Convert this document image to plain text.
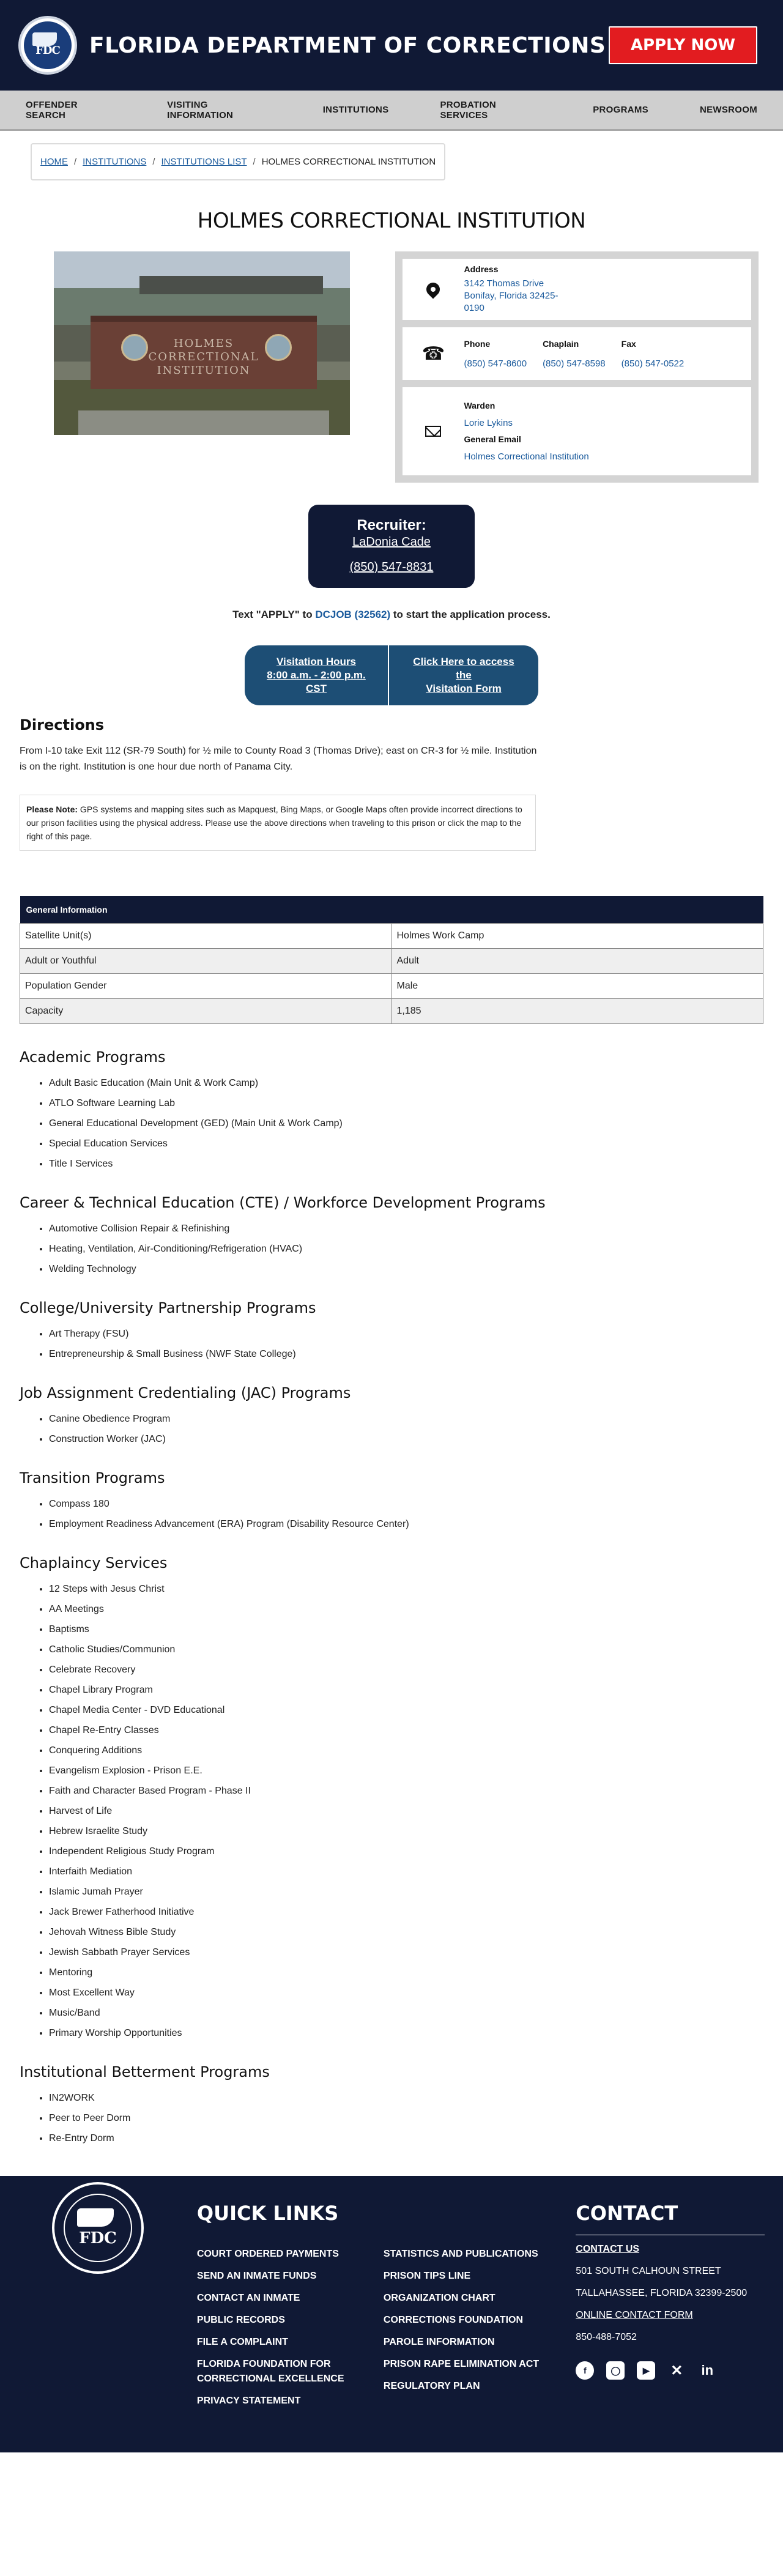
FDC FLORIDA DEPARTMENT OF CORRECTIONS	APPLY NOW
OFFENDER SEARCH
VISITING INFORMATION	INSTITUTIONS	PROBATION SERVICES	PROGRAMS	NEWSROOM
HOME / INSTITUTIONS / INSTITUTIONS LIST / HOLMES CORRECTIONAL INSTITUTION
HOLMES CORRECTIONAL INSTITUTION
HOLMES
CORRECTIONAL
INSTITUTION
Address
3142 Thomas Drive
Bonifay, Florida 32425-
0190
☎	Phone
(850) 547-8600
Chaplain
(850) 547-8598
Fax
(850) 547-0522
Warden
Lorie Lykins
General Email
Holmes Correctional Institution
Recruiter:
LaDonia Cade
(850) 547-8831

Text "APPLY" to DCJOB (32562) to start the application process.

Visitation Hours
8:00 a.m. - 2:00 p.m. CST
Click Here to access the
Visitation Form
Directions

From I-10 take Exit 112 (SR-79 South) for ½ mile to County Road 3 (Thomas Drive); east on CR-3 for ½ mile. Institution is on the right. Institution is one hour due north of Panama City.

Please Note: GPS systems and mapping sites such as Mapquest, Bing Maps, or Google Maps often provide incorrect directions to our prison facilities using the physical address. Please use the above directions when traveling to this prison or click the map to the right of this page.
General Information	
Satellite Unit(s)	Holmes Work Camp
Adult or Youthful	Adult
Population Gender	Male
Capacity	1,185
Academic Programs
• Adult Basic Education (Main Unit & Work Camp)
• ATLO Software Learning Lab
• General Educational Development (GED) (Main Unit & Work Camp)
• Special Education Services
• Title I Services
Career & Technical Education (CTE) / Workforce Development Programs
• Automotive Collision Repair & Refinishing
• Heating, Ventilation, Air-Conditioning/Refrigeration (HVAC)
• Welding Technology
College/University Partnership Programs
• Art Therapy (FSU)
• Entrepreneurship & Small Business (NWF State College)
Job Assignment Credentialing (JAC) Programs
• Canine Obedience Program
• Construction Worker (JAC)
Transition Programs
• Compass 180
• Employment Readiness Advancement (ERA) Program (Disability Resource Center)
Chaplaincy Services
• 12 Steps with Jesus Christ
• AA Meetings
• Baptisms
• Catholic Studies/Communion
• Celebrate Recovery
• Chapel Library Program
• Chapel Media Center - DVD Educational
• Chapel Re-Entry Classes
• Conquering Additions
• Evangelism Explosion - Prison E.E.
• Faith and Character Based Program - Phase II
• Harvest of Life
• Hebrew Israelite Study
• Independent Religious Study Program
• Interfaith Mediation
• Islamic Jumah Prayer
• Jack Brewer Fatherhood Initiative
• Jehovah Witness Bible Study
• Jewish Sabbath Prayer Services
• Mentoring
• Most Excellent Way
• Music/Band
• Primary Worship Opportunities
Institutional Betterment Programs
• IN2WORK
• Peer to Peer Dorm
• Re-Entry Dorm
FDC
QUICK LINKS
COURT ORDERED PAYMENTS
SEND AN INMATE FUNDS
CONTACT AN INMATE
PUBLIC RECORDS
FILE A COMPLAINT
FLORIDA FOUNDATION FOR CORRECTIONAL EXCELLENCE
PRIVACY STATEMENT
STATISTICS AND PUBLICATIONS
PRISON TIPS LINE
ORGANIZATION CHART
CORRECTIONS FOUNDATION
PAROLE INFORMATION
PRISON RAPE ELIMINATION ACT
REGULATORY PLAN
CONTACT
CONTACT US
501 SOUTH CALHOUN STREET
TALLAHASSEE, FLORIDA 32399-2500
ONLINE CONTACT FORM
850-488-7052
f	◯	▶	✕ in
